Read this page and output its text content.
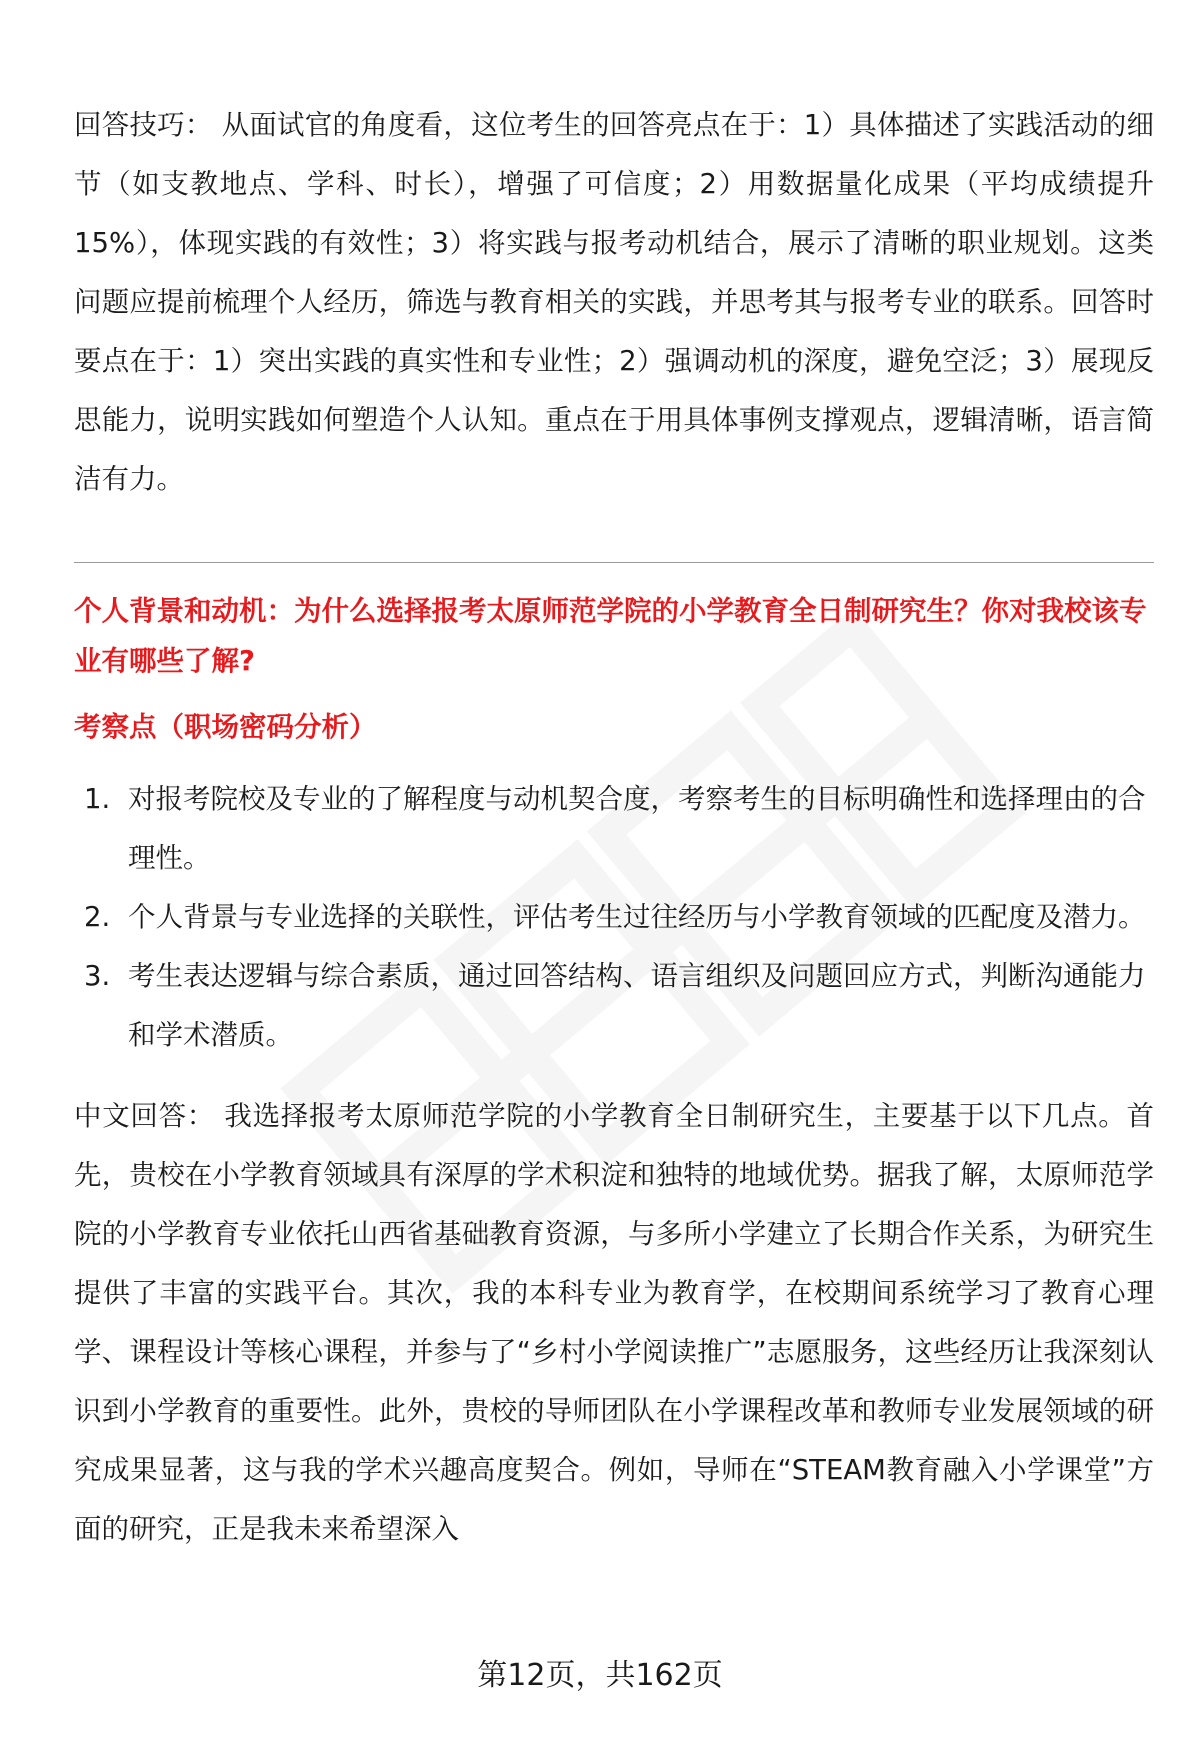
回答技巧： 从面试官的角度看，这位考生的回答亮点在于：1）具体描述了实践活动的细节（如支教地点、学科、时长），增强了可信度；2）用数据量化成果（平均成绩提升15%），体现实践的有效性；3）将实践与报考动机结合，展示了清晰的职业规划。这类问题应提前梳理个人经历，筛选与教育相关的实践，并思考其与报考专业的联系。回答时要点在于：1）突出实践的真实性和专业性；2）强调动机的深度，避免空泛；3）展现反思能力，说明实践如何塑造个人认知。重点在于用具体事例支撑观点，逻辑清晰，语言简洁有力。

个人背景和动机：为什么选择报考太原师范学院的小学教育全日制研究生？你对我校该专业有哪些了解?

考察点（职场密码分析）

1. 对报考院校及专业的了解程度与动机契合度，考察考生的目标明确性和选择理由的合理性。
2. 个人背景与专业选择的关联性，评估考生过往经历与小学教育领域的匹配度及潜力。
3. 考生表达逻辑与综合素质，通过回答结构、语言组织及问题回应方式，判断沟通能力和学术潜质。

中文回答： 我选择报考太原师范学院的小学教育全日制研究生，主要基于以下几点。首先，贵校在小学教育领域具有深厚的学术积淀和独特的地域优势。据我了解，太原师范学院的小学教育专业依托山西省基础教育资源，与多所小学建立了长期合作关系，为研究生提供了丰富的实践平台。其次，我的本科专业为教育学，在校期间系统学习了教育心理学、课程设计等核心课程，并参与了“乡村小学阅读推广”志愿服务，这些经历让我深刻认识到小学教育的重要性。此外，贵校的导师团队在小学课程改革和教师专业发展领域的研究成果显著，这与我的学术兴趣高度契合。例如，导师在“STEAM教育融入小学课堂”方面的研究，正是我未来希望深入

第12页，共162页
